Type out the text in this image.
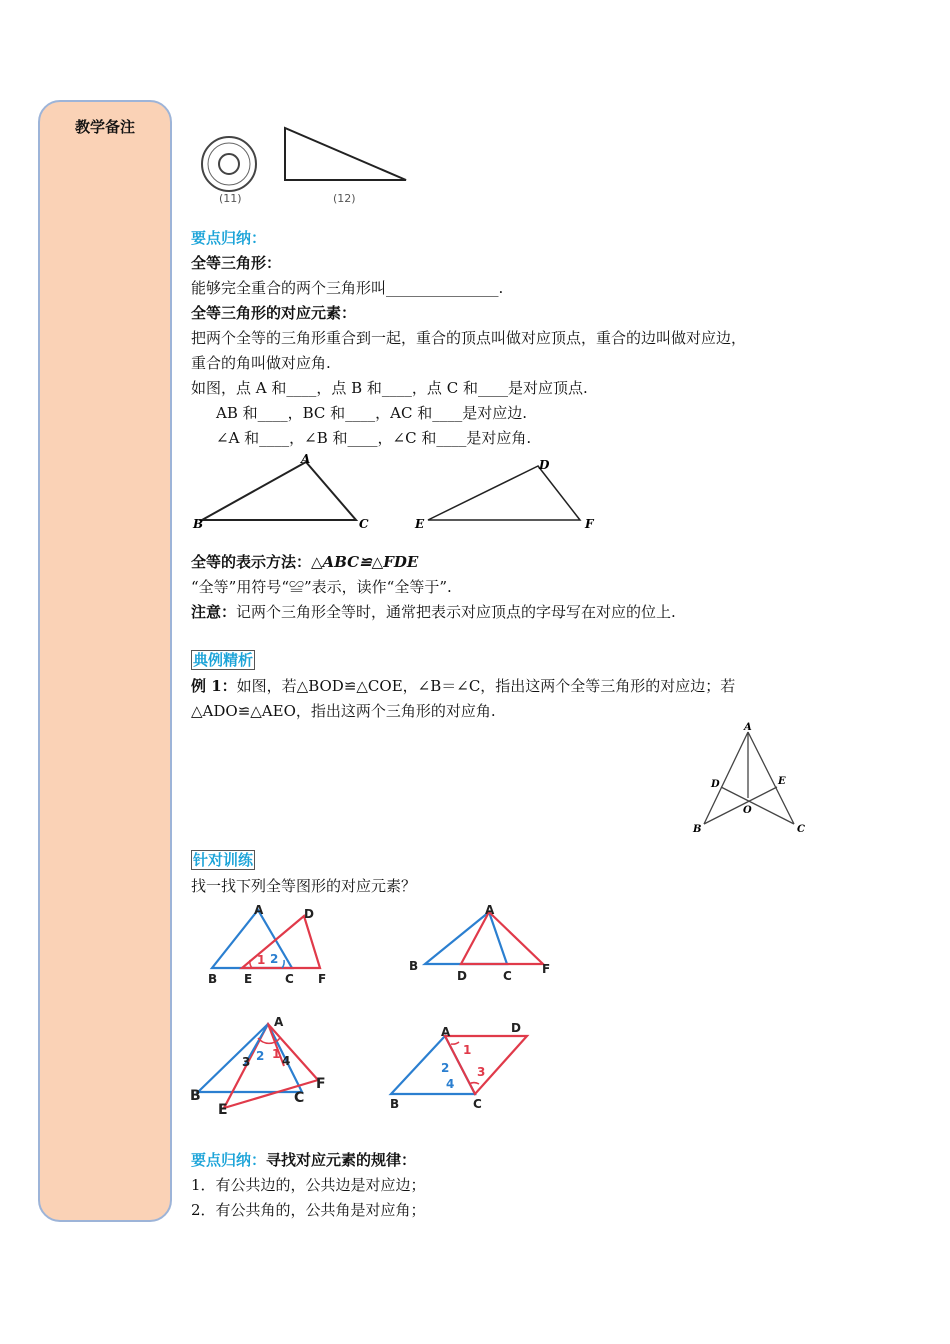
教学备注
(11)	(12)
要点归纳：
全等三角形：
能够完全重合的两个三角形叫_______________.
全等三角形的对应元素：
把两个全等的三角形重合到一起，重合的顶点叫做对应顶点，重合的边叫做对应边，
重合的角叫做对应角.
如图，点 A 和____，点 B 和____，点 C 和____是对应顶点.
AB 和____，BC 和____，AC 和____是对应边.
∠A 和____，∠B 和____，∠C 和____是对应角.
A
B	C
D
E	F
全等的表示方法：△ABC≌△FDE
“全等”用符号“≌”表示，读作“全等于”.
注意：记两个三角形全等时，通常把表示对应顶点的字母写在对应的位上.
典例精析
例 1：如图，若△BOD≌△COE，∠B＝∠C，指出这两个全等三角形的对应边；若
△ADO≌△AEO，指出这两个三角形的对应角.
A
B	C
D	E
O
针对训练
找一找下列全等图形的对应元素？
1 2
A	D
B E	C F
A
B
D	C	F
A
3 2 1 4
B
E
C
F
A	D
1
2 3
4
B	C
要点归纳：寻找对应元素的规律：
1．有公共边的，公共边是对应边；
2．有公共角的，公共角是对应角；
